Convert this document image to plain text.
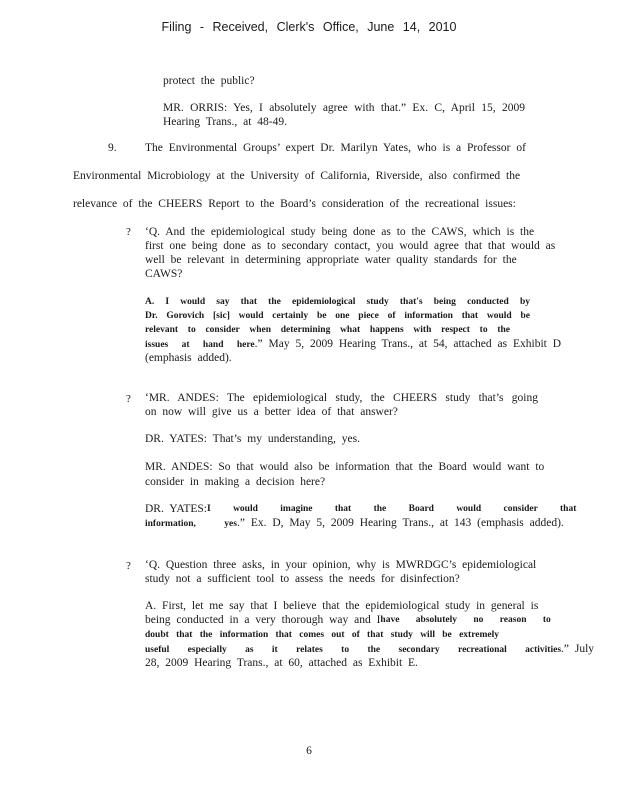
Filing - Received, Clerk's Office, June 14, 2010
protect the public?
MR. ORRIS: Yes, I absolutely agree with that.” Ex. C, April 15, 2009
Hearing Trans., at 48-49.
9. The Environmental Groups’ expert Dr. Marilyn Yates, who is a Professor of
Environmental Microbiology at the University of California, Riverside, also confirmed the
relevance of the CHEERS Report to the Board’s consideration of the recreational issues:
? ‘Q. And the epidemiological study being done as to the CAWS, which is the
first one being done as to secondary contact, you would agree that that would as
well be relevant in determining appropriate water quality standards for the
CAWS?
A. I would say that the epidemiological study that's being conducted by
Dr. Gorovich [sic] would certainly be one piece of information that would be
relevant to consider when determining what happens with respect to the
issues at hand here.” May 5, 2009 Hearing Trans., at 54, attached as Exhibit D
(emphasis added).
? ‘MR. ANDES: The epidemiological study, the CHEERS study that’s going
on now will give us a better idea of that answer?
DR. YATES: That’s my understanding, yes.
MR. ANDES: So that would also be information that the Board would want to
consider in making a decision here?
DR. YATES: I would imagine that the Board would consider that
information, yes.” Ex. D, May 5, 2009 Hearing Trans., at 143 (emphasis added).
? ‘Q. Question three asks, in your opinion, why is MWRDGC’s epidemiological
study not a sufficient tool to assess the needs for disinfection?
A. First, let me say that I believe that the epidemiological study in general is
being conducted in a very thorough way and I have absolutely no reason to
doubt that the information that comes out of that study will be extremely
useful especially as it relates to the secondary recreational activities.” July
28, 2009 Hearing Trans., at 60, attached as Exhibit E.
6
